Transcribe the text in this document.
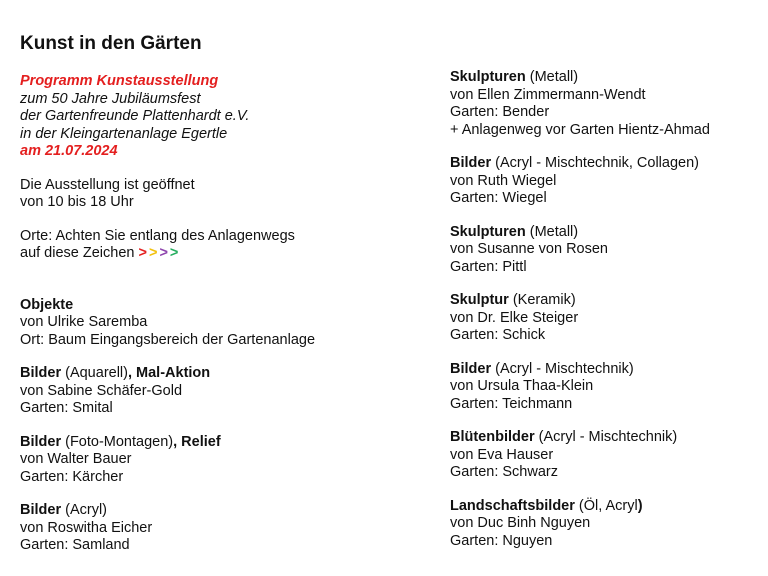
Kunst in den Gärten
Programm Kunstausstellung
zum 50 Jahre Jubiläumsfest
der Gartenfreunde Plattenhardt e.V.
in der Kleingartenanlage Egertle
am 21.07.2024
Die Ausstellung ist geöffnet
von 10 bis 18 Uhr
Orte: Achten Sie entlang des Anlagenwegs
auf diese Zeichen > > > >
Objekte
von Ulrike Saremba
Ort: Baum Eingangsbereich der Gartenanlage
Bilder (Aquarell), Mal-Aktion
von Sabine Schäfer-Gold
Garten: Smital
Bilder (Foto-Montagen), Relief
von Walter Bauer
Garten: Kärcher
Bilder (Acryl)
von Roswitha Eicher
Garten: Samland
Skulpturen (Metall)
von Ellen Zimmermann-Wendt
Garten: Bender
+ Anlagenweg vor Garten Hientz-Ahmad
Bilder (Acryl - Mischtechnik, Collagen)
von Ruth Wiegel
Garten: Wiegel
Skulpturen (Metall)
von Susanne von Rosen
Garten: Pittl
Skulptur (Keramik)
von Dr. Elke Steiger
Garten: Schick
Bilder (Acryl - Mischtechnik)
von Ursula Thaa-Klein
Garten: Teichmann
Blütenbilder (Acryl - Mischtechnik)
von Eva Hauser
Garten: Schwarz
Landschaftsbilder (Öl, Acryl)
von Duc Binh Nguyen
Garten: Nguyen
